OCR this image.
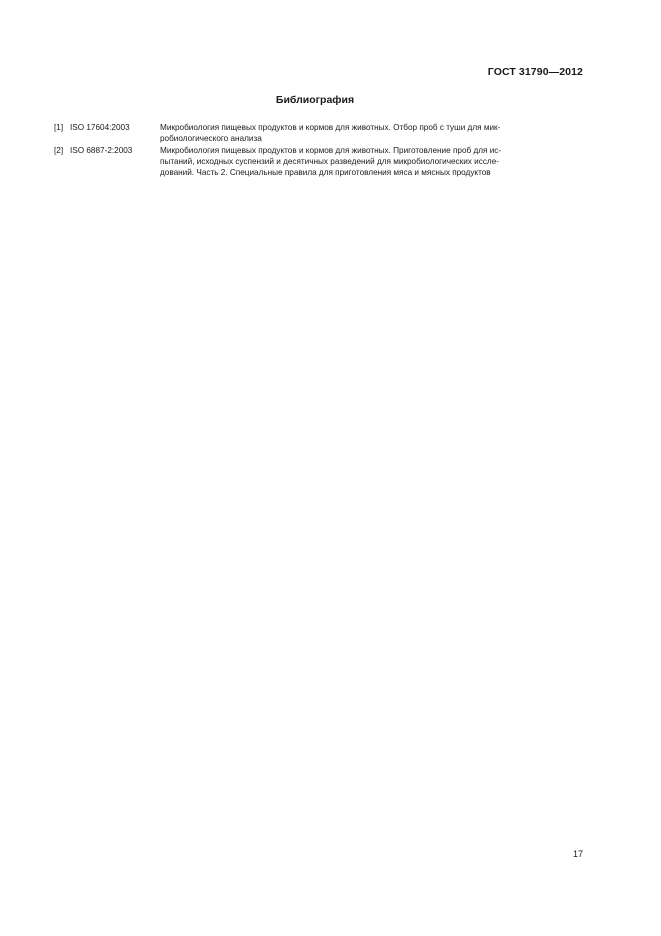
ГОСТ 31790—2012
Библиография
[1] ISO 17604:2003	Микробиология пищевых продуктов и кормов для животных. Отбор проб с туши для мик-
робиологического анализа
[2] ISO 6887-2:2003	Микробиология пищевых продуктов и кормов для животных. Приготовление проб для ис-
пытаний, исходных суспензий и десятичных разведений для микробиологических иссле-
дований. Часть 2. Специальные правила для приготовления мяса и мясных продуктов
17
